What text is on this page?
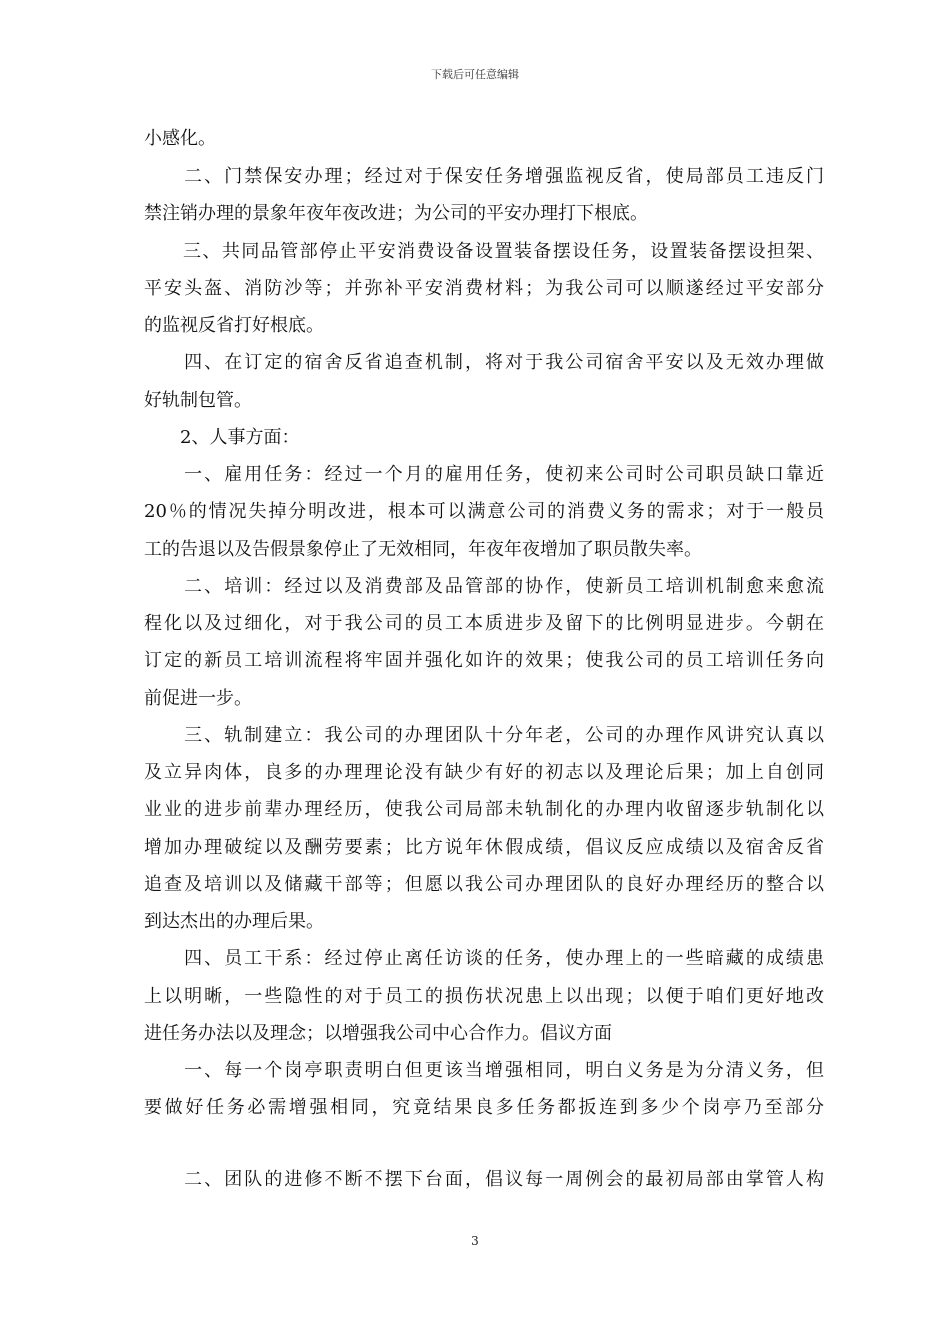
下载后可任意编辑

小感化。

　　二、门禁保安办理；经过对于保安任务增强监视反省，使局部员工违反门

禁注销办理的景象年夜年夜改进；为公司的平安办理打下根底。

　　三、共同品管部停止平安消费设备设置装备摆设任务，设置装备摆设担架、

平安头盔、消防沙等；并弥补平安消费材料；为我公司可以顺遂经过平安部分

的监视反省打好根底。

　　四、在订定的宿舍反省追查机制，将对于我公司宿舍平安以及无效办理做

好轨制包管。

　　2、人事方面：

　　一、雇用任务：经过一个月的雇用任务，使初来公司时公司职员缺口靠近

20％的情况失掉分明改进，根本可以满意公司的消费义务的需求；对于一般员

工的告退以及告假景象停止了无效相同，年夜年夜增加了职员散失率。

　　二、培训：经过以及消费部及品管部的协作，使新员工培训机制愈来愈流

程化以及过细化，对于我公司的员工本质进步及留下的比例明显进步。今朝在

订定的新员工培训流程将牢固并强化如许的效果；使我公司的员工培训任务向

前促进一步。

　　三、轨制建立：我公司的办理团队十分年老，公司的办理作风讲究认真以

及立异肉体，良多的办理理论没有缺少有好的初志以及理论后果；加上自创同

业业的进步前辈办理经历，使我公司局部未轨制化的办理内收留逐步轨制化以

增加办理破绽以及酬劳要素；比方说年休假成绩，倡议反应成绩以及宿舍反省

追查及培训以及储藏干部等；但愿以我公司办理团队的良好办理经历的整合以

到达杰出的办理后果。

　　四、员工干系：经过停止离任访谈的任务，使办理上的一些暗藏的成绩患

上以明晰，一些隐性的对于员工的损伤状况患上以出现；以便于咱们更好地改

进任务办法以及理念；以增强我公司中心合作力。倡议方面

　　一、每一个岗亭职责明白但更该当增强相同，明白义务是为分清义务，但

要做好任务必需增强相同，究竟结果良多任务都扳连到多少个岗亭乃至部分

　　二、团队的进修不断不摆下台面，倡议每一周例会的最初局部由掌管人构

3
